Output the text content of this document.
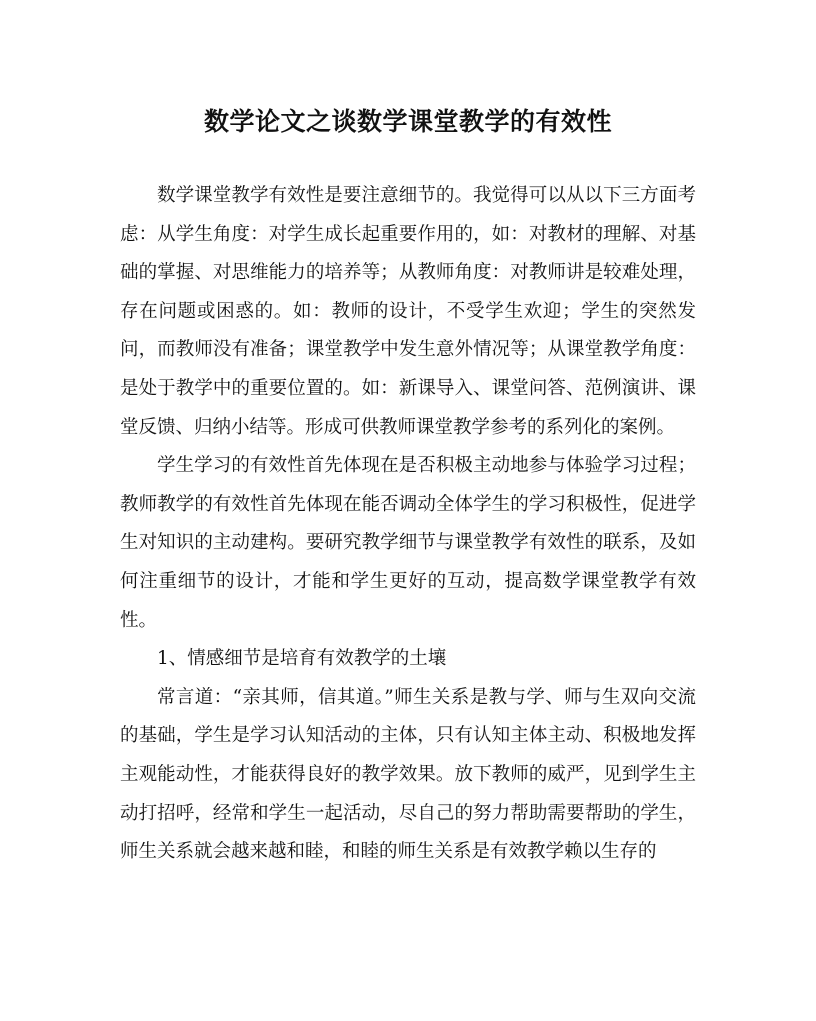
数学论文之谈数学课堂教学的有效性

数学课堂教学有效性是要注意细节的。我觉得可以从以下三方面考虑：从学生角度：对学生成长起重要作用的，如：对教材的理解、对基础的掌握、对思维能力的培养等；从教师角度：对教师讲是较难处理，存在问题或困惑的。如：教师的设计，不受学生欢迎；学生的突然发问，而教师没有准备；课堂教学中发生意外情况等；从课堂教学角度：是处于教学中的重要位置的。如：新课导入、课堂问答、范例演讲、课堂反馈、归纳小结等。形成可供教师课堂教学参考的系列化的案例。

学生学习的有效性首先体现在是否积极主动地参与体验学习过程；教师教学的有效性首先体现在能否调动全体学生的学习积极性，促进学生对知识的主动建构。要研究教学细节与课堂教学有效性的联系，及如何注重细节的设计，才能和学生更好的互动，提高数学课堂教学有效性。

1、情感细节是培育有效教学的土壤

常言道：“亲其师，信其道。”师生关系是教与学、师与生双向交流的基础，学生是学习认知活动的主体，只有认知主体主动、积极地发挥主观能动性，才能获得良好的教学效果。放下教师的威严，见到学生主动打招呼，经常和学生一起活动，尽自己的努力帮助需要帮助的学生，师生关系就会越来越和睦，和睦的师生关系是有效教学赖以生存的
